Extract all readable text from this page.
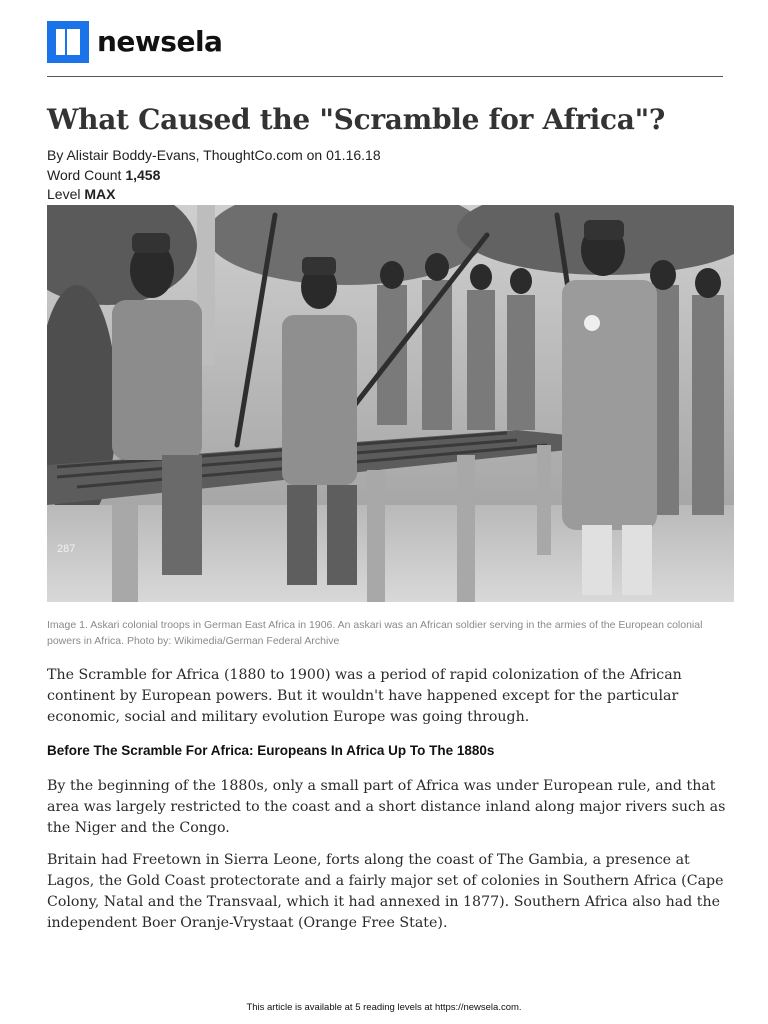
newsela
What Caused the "Scramble for Africa"?
By Alistair Boddy-Evans, ThoughtCo.com on 01.16.18
Word Count 1,458
Level MAX
287
Image 1. Askari colonial troops in German East Africa in 1906. An askari was an African soldier serving in the armies of the European colonial powers in Africa. Photo by: Wikimedia/German Federal Archive

The Scramble for Africa (1880 to 1900) was a period of rapid colonization of the African continent by European powers. But it wouldn't have happened except for the particular economic, social and military evolution Europe was going through.

Before The Scramble For Africa: Europeans In Africa Up To The 1880s

By the beginning of the 1880s, only a small part of Africa was under European rule, and that area was largely restricted to the coast and a short distance inland along major rivers such as the Niger and the Congo.

Britain had Freetown in Sierra Leone, forts along the coast of The Gambia, a presence at Lagos, the Gold Coast protectorate and a fairly major set of colonies in Southern Africa (Cape Colony, Natal and the Transvaal, which it had annexed in 1877). Southern Africa also had the independent Boer Oranje-Vrystaat (Orange Free State).

This article is available at 5 reading levels at https://newsela.com.
